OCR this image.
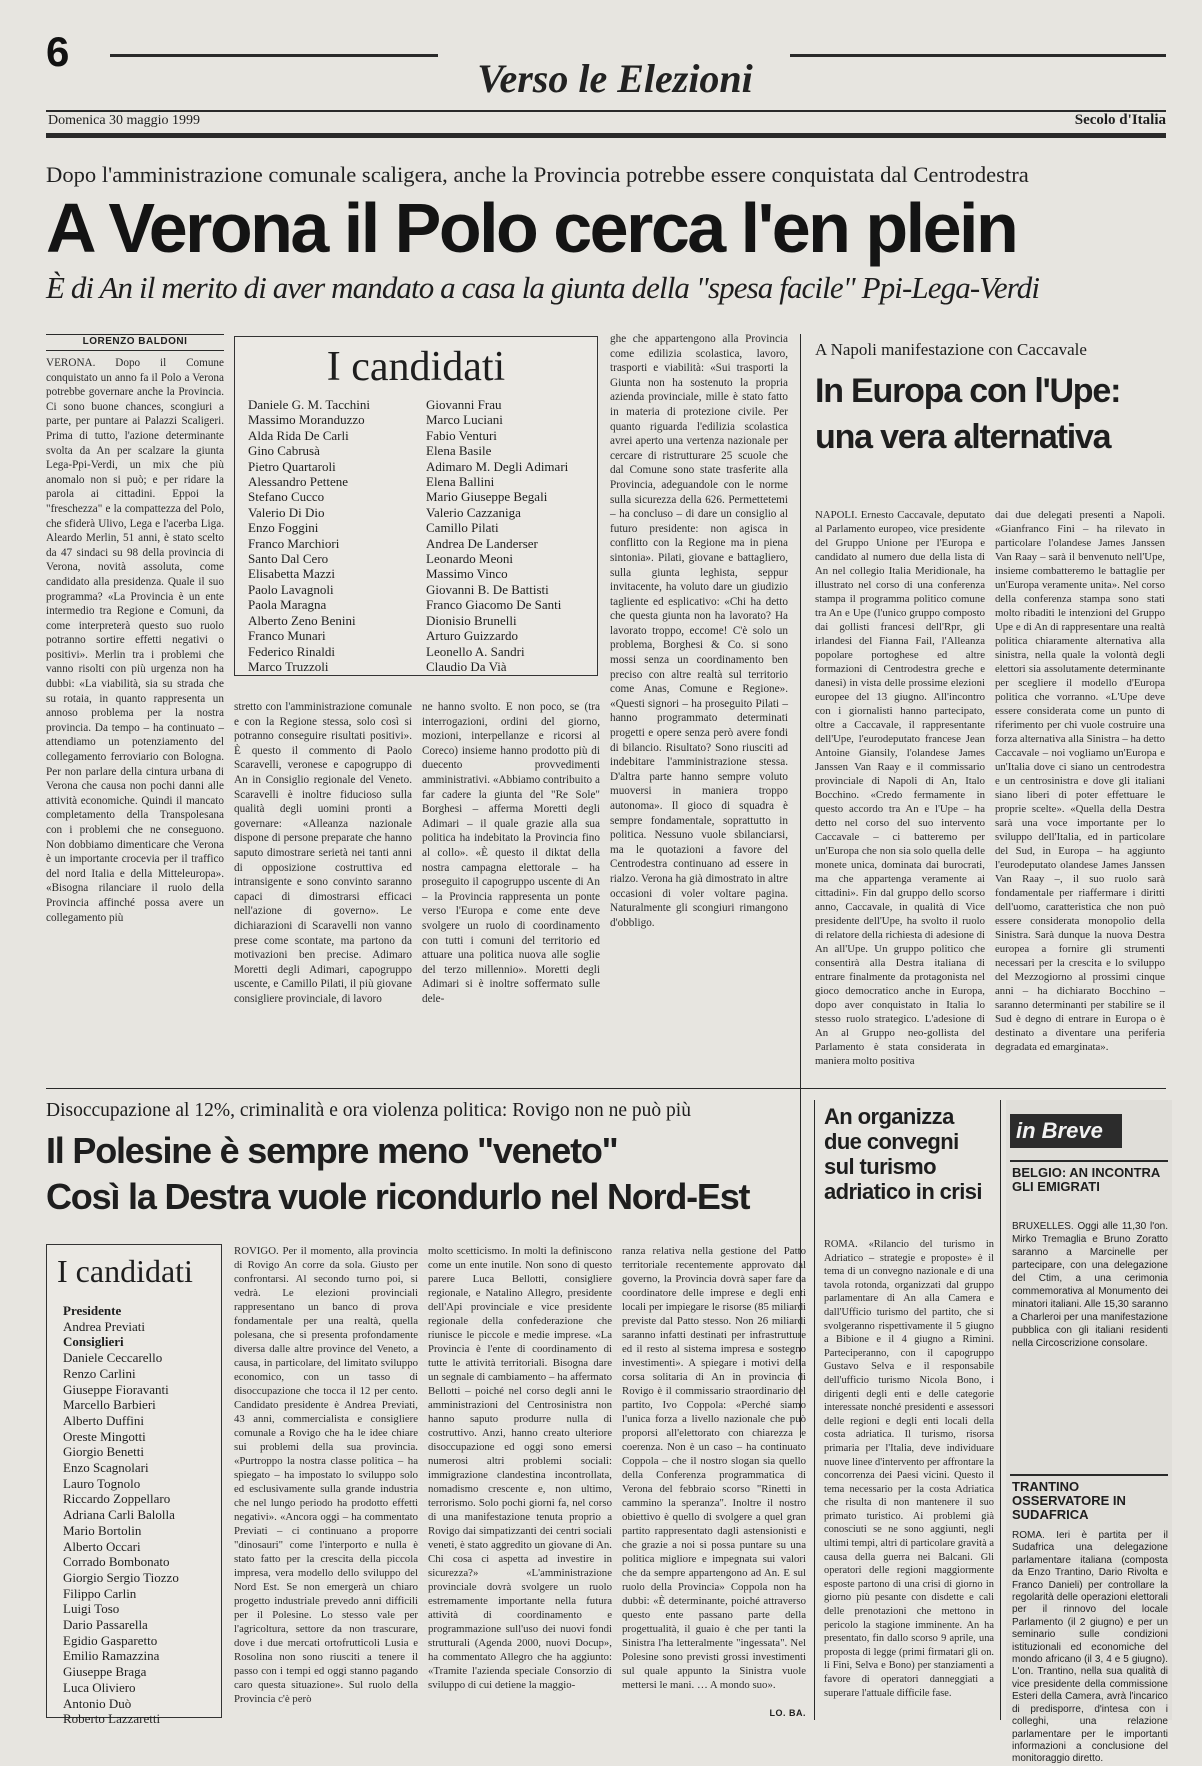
6
Verso le Elezioni
Domenica 30 maggio 1999	Secolo d'Italia
Dopo l'amministrazione comunale scaligera, anche la Provincia potrebbe essere conquistata dal Centrodestra
A Verona il Polo cerca l'en plein
È di An il merito di aver mandato a casa la giunta della "spesa facile" Ppi-Lega-Verdi
LORENZO BALDONI
VERONA. Dopo il Comune conquistato un anno fa il Polo a Verona potrebbe governare anche la Provincia. Ci sono buone chances, scongiuri a parte, per puntare ai Palazzi Scaligeri. Prima di tutto, l'azione determinante svolta da An per scalzare la giunta Lega-Ppi-Verdi, un mix che più anomalo non si può; e per ridare la parola ai cittadini. Eppoi la "freschezza" e la compattezza del Polo, che sfiderà Ulivo, Lega e l'acerba Liga. Aleardo Merlin, 51 anni, è stato scelto da 47 sindaci su 98 della provincia di Verona, novità assoluta, come candidato alla presidenza. Quale il suo programma? «La Provincia è un ente intermedio tra Regione e Comuni, da come interpreterà questo suo ruolo potranno sortire effetti negativi o positivi». Merlin tra i problemi che vanno risolti con più urgenza non ha dubbi: «La viabilità, sia su strada che su rotaia, in quanto rappresenta un annoso problema per la nostra provincia. Da tempo – ha continuato – attendiamo un potenziamento del collegamento ferroviario con Bologna. Per non parlare della cintura urbana di Verona che causa non pochi danni alle attività economiche. Quindi il mancato completamento della Transpolesana con i problemi che ne conseguono. Non dobbiamo dimenticare che Verona è un importante crocevia per il traffico del nord Italia e della Mitteleuropa». «Bisogna rilanciare il ruolo della Provincia affinché possa avere un collegamento più
I candidati
Daniele G. M. Tacchini
Massimo Moranduzzo
Alda Rida De Carli
Gino Cabrusà
Pietro Quartaroli
Alessandro Pettene
Stefano Cucco
Valerio Di Dio
Enzo Foggini
Franco Marchiori
Santo Dal Cero
Elisabetta Mazzi
Paolo Lavagnoli
Paola Maragna
Alberto Zeno Benini
Franco Munari
Federico Rinaldi
Marco Truzzoli
Giovanni Frau
Marco Luciani
Fabio Venturi
Elena Basile
Adimaro M. Degli Adimari
Elena Ballini
Mario Giuseppe Begali
Valerio Cazzaniga
Camillo Pilati
Andrea De Landerser
Leonardo Meoni
Massimo Vinco
Giovanni B. De Battisti
Franco Giacomo De Santi
Dionisio Brunelli
Arturo Guizzardo
Leonello A. Sandri
Claudio Da Vià
stretto con l'amministrazione comunale e con la Regione stessa, solo così si potranno conseguire risultati positivi». È questo il commento di Paolo Scaravelli, veronese e capogruppo di An in Consiglio regionale del Veneto. Scaravelli è inoltre fiducioso sulla qualità degli uomini pronti a governare: «Alleanza nazionale dispone di persone preparate che hanno saputo dimostrare serietà nei tanti anni di opposizione costruttiva ed intransigente e sono convinto saranno capaci di dimostrarsi efficaci nell'azione di governo». Le dichiarazioni di Scaravelli non vanno prese come scontate, ma partono da motivazioni ben precise. Adimaro Moretti degli Adimari, capogruppo uscente, e Camillo Pilati, il più giovane consigliere provinciale, di lavoro
ne hanno svolto. E non poco, se (tra interrogazioni, ordini del giorno, mozioni, interpellanze e ricorsi al Coreco) insieme hanno prodotto più di duecento provvedimenti amministrativi. «Abbiamo contribuito a far cadere la giunta del "Re Sole" Borghesi – afferma Moretti degli Adimari – il quale grazie alla sua politica ha indebitato la Provincia fino al collo». «È questo il diktat della nostra campagna elettorale – ha proseguito il capogruppo uscente di An – la Provincia rappresenta un ponte verso l'Europa e come ente deve svolgere un ruolo di coordinamento con tutti i comuni del territorio ed attuare una politica nuova alle soglie del terzo millennio». Moretti degli Adimari si è inoltre soffermato sulle dele-
ghe che appartengono alla Provincia come edilizia scolastica, lavoro, trasporti e viabilità: «Sui trasporti la Giunta non ha sostenuto la propria azienda provinciale, mille è stato fatto in materia di protezione civile. Per quanto riguarda l'edilizia scolastica avrei aperto una vertenza nazionale per cercare di ristrutturare 25 scuole che dal Comune sono state trasferite alla Provincia, adeguandole con le norme sulla sicurezza della 626. Permettetemi – ha concluso – di dare un consiglio al futuro presidente: non agisca in conflitto con la Regione ma in piena sintonia». Pilati, giovane e battagliero, sulla giunta leghista, seppur invitacente, ha voluto dare un giudizio tagliente ed esplicativo: «Chi ha detto che questa giunta non ha lavorato? Ha lavorato troppo, eccome! C'è solo un problema, Borghesi & Co. si sono mossi senza un coordinamento ben preciso con altre realtà sul territorio come Anas, Comune e Regione». «Questi signori – ha proseguito Pilati – hanno programmato determinati progetti e opere senza però avere fondi di bilancio. Risultato? Sono riusciti ad indebitare l'amministrazione stessa. D'altra parte hanno sempre voluto muoversi in maniera troppo autonoma». Il gioco di squadra è sempre fondamentale, soprattutto in politica. Nessuno vuole sbilanciarsi, ma le quotazioni a favore del Centrodestra continuano ad essere in rialzo. Verona ha già dimostrato in altre occasioni di voler voltare pagina. Naturalmente gli scongiuri rimangono d'obbligo.
A Napoli manifestazione con Caccavale
In Europa con l'Upe:
una vera alternativa
NAPOLI. Ernesto Caccavale, deputato al Parlamento europeo, vice presidente del Gruppo Unione per l'Europa e candidato al numero due della lista di An nel collegio Italia Meridionale, ha illustrato nel corso di una conferenza stampa il programma politico comune tra An e Upe (l'unico gruppo composto dai gollisti francesi dell'Rpr, gli irlandesi del Fianna Fail, l'Alleanza popolare portoghese ed altre formazioni di Centrodestra greche e danesi) in vista delle prossime elezioni europee del 13 giugno. All'incontro con i giornalisti hanno partecipato, oltre a Caccavale, il rappresentante dell'Upe, l'eurodeputato francese Jean Antoine Giansily, l'olandese James Janssen Van Raay e il commissario provinciale di Napoli di An, Italo Bocchino. «Credo fermamente in questo accordo tra An e l'Upe – ha detto nel corso del suo intervento Caccavale – ci batteremo per un'Europa che non sia solo quella delle monete unica, dominata dai burocrati, ma che appartenga veramente ai cittadini». Fin dal gruppo dello scorso anno, Caccavale, in qualità di Vice presidente dell'Upe, ha svolto il ruolo di relatore della richiesta di adesione di An all'Upe. Un gruppo politico che consentirà alla Destra italiana di entrare finalmente da protagonista nel gioco democratico anche in Europa, dopo aver conquistato in Italia lo stesso ruolo strategico. L'adesione di An al Gruppo neo-gollista del Parlamento è stata considerata in maniera molto positiva
dai due delegati presenti a Napoli. «Gianfranco Fini – ha rilevato in particolare l'olandese James Janssen Van Raay – sarà il benvenuto nell'Upe, insieme combatteremo le battaglie per un'Europa veramente unita». Nel corso della conferenza stampa sono stati molto ribaditi le intenzioni del Gruppo Upe e di An di rappresentare una realtà politica chiaramente alternativa alla sinistra, nella quale la volontà degli elettori sia assolutamente determinante per scegliere il modello d'Europa politica che vorranno. «L'Upe deve essere considerata come un punto di riferimento per chi vuole costruire una forza alternativa alla Sinistra – ha detto Caccavale – noi vogliamo un'Europa e un'Italia dove ci siano un centrodestra e un centrosinistra e dove gli italiani siano liberi di poter effettuare le proprie scelte». «Quella della Destra sarà una voce importante per lo sviluppo dell'Italia, ed in particolare del Sud, in Europa – ha aggiunto l'eurodeputato olandese James Janssen Van Raay –, il suo ruolo sarà fondamentale per riaffermare i diritti dell'uomo, caratteristica che non può essere considerata monopolio della Sinistra. Sarà dunque la nuova Destra europea a fornire gli strumenti necessari per la crescita e lo sviluppo del Mezzogiorno al prossimi cinque anni – ha dichiarato Bocchino – saranno determinanti per stabilire se il Sud è degno di entrare in Europa o è destinato a diventare una periferia degradata ed emarginata».
Disoccupazione al 12%, criminalità e ora violenza politica: Rovigo non ne può più
Il Polesine è sempre meno "veneto"
Così la Destra vuole ricondurlo nel Nord-Est
I candidati
Presidente
Andrea Previati
Consiglieri
Daniele Ceccarello
Renzo Carlini
Giuseppe Fioravanti
Marcello Barbieri
Alberto Duffini
Oreste Mingotti
Giorgio Benetti
Enzo Scagnolari
Lauro Tognolo
Riccardo Zoppellaro
Adriana Carli Balolla
Mario Bortolin
Alberto Occari
Corrado Bombonato
Giorgio Sergio Tiozzo
Filippo Carlin
Luigi Toso
Dario Passarella
Egidio Gasparetto
Emilio Ramazzina
Giuseppe Braga
Luca Oliviero
Antonio Duò
Roberto Lazzaretti
ROVIGO. Per il momento, alla provincia di Rovigo An corre da sola. Giusto per confrontarsi. Al secondo turno poi, si vedrà. Le elezioni provinciali rappresentano un banco di prova fondamentale per una realtà, quella polesana, che si presenta profondamente diversa dalle altre province del Veneto, a causa, in particolare, del limitato sviluppo economico, con un tasso di disoccupazione che tocca il 12 per cento. Candidato presidente è Andrea Previati, 43 anni, commercialista e consigliere comunale a Rovigo che ha le idee chiare sui problemi della sua provincia. «Purtroppo la nostra classe politica – ha spiegato – ha impostato lo sviluppo solo ed esclusivamente sulla grande industria che nel lungo periodo ha prodotto effetti negativi». «Ancora oggi – ha commentato Previati – ci continuano a proporre "dinosauri" come l'interporto e nulla è stato fatto per la crescita della piccola impresa, vera modello dello sviluppo del Nord Est. Se non emergerà un chiaro progetto industriale prevedo anni difficili per il Polesine. Lo stesso vale per l'agricoltura, settore da non trascurare, dove i due mercati ortofrutticoli Lusia e Rosolina non sono riusciti a tenere il passo con i tempi ed oggi stanno pagando caro questa situazione». Sul ruolo della Provincia c'è però
molto scetticismo. In molti la definiscono come un ente inutile. Non sono di questo parere Luca Bellotti, consigliere regionale, e Natalino Allegro, presidente dell'Api provinciale e vice presidente regionale della confederazione che riunisce le piccole e medie imprese. «La Provincia è l'ente di coordinamento di tutte le attività territoriali. Bisogna dare un segnale di cambiamento – ha affermato Bellotti – poiché nel corso degli anni le amministrazioni del Centrosinistra non hanno saputo produrre nulla di costruttivo. Anzi, hanno creato ulteriore disoccupazione ed oggi sono emersi numerosi altri problemi sociali: immigrazione clandestina incontrollata, nomadismo crescente e, non ultimo, terrorismo. Solo pochi giorni fa, nel corso di una manifestazione tenuta proprio a Rovigo dai simpatizzanti dei centri sociali veneti, è stato aggredito un giovane di An. Chi cosa ci aspetta ad investire in sicurezza?» «L'amministrazione provinciale dovrà svolgere un ruolo estremamente importante nella futura attività di coordinamento e programmazione sull'uso dei nuovi fondi strutturali (Agenda 2000, nuovi Docup», ha commentato Allegro che ha aggiunto: «Tramite l'azienda speciale Consorzio di sviluppo di cui detiene la maggio-
ranza relativa nella gestione del Patto territoriale recentemente approvato dal governo, la Provincia dovrà saper fare da coordinatore delle imprese e degli enti locali per impiegare le risorse (85 miliardi previste dal Patto stesso. Non 26 miliardi saranno infatti destinati per infrastrutture ed il resto al sistema impresa e sostegno investimenti». A spiegare i motivi della corsa solitaria di An in provincia di Rovigo è il commissario straordinario del partito, Ivo Coppola: «Perché siamo l'unica forza a livello nazionale che può proporsi all'elettorato con chiarezza e coerenza. Non è un caso – ha continuato Coppola – che il nostro slogan sia quello della Conferenza programmatica di Verona del febbraio scorso "Rinetti in cammino la speranza". Inoltre il nostro obiettivo è quello di svolgere a quel gran partito rappresentato dagli astensionisti e che grazie a noi si possa puntare su una politica migliore e impegnata sui valori che da sempre appartengono ad An. E sul ruolo della Provincia» Coppola non ha dubbi: «È determinante, poiché attraverso questo ente passano parte della progettualità, il guaio è che per tanti la Sinistra l'ha letteralmente "ingessata". Nel Polesine sono previsti grossi investimenti sul quale appunto la Sinistra vuole mettersi le mani. … A mondo suo».
LO. BA.
An organizza due convegni sul turismo adriatico in crisi
ROMA. «Rilancio del turismo in Adriatico – strategie e proposte» è il tema di un convegno nazionale e di una tavola rotonda, organizzati dal gruppo parlamentare di An alla Camera e dall'Ufficio turismo del partito, che si svolgeranno rispettivamente il 5 giugno a Bibione e il 4 giugno a Rimini. Parteciperanno, con il capogruppo Gustavo Selva e il responsabile dell'ufficio turismo Nicola Bono, i dirigenti degli enti e delle categorie interessate nonché presidenti e assessori delle regioni e degli enti locali della costa adriatica. Il turismo, risorsa primaria per l'Italia, deve individuare nuove linee d'intervento per affrontare la concorrenza dei Paesi vicini. Questo il tema necessario per la costa Adriatica che risulta di non mantenere il suo primato turistico. Ai problemi già conosciuti se ne sono aggiunti, negli ultimi tempi, altri di particolare gravità a causa della guerra nei Balcani. Gli operatori delle regioni maggiormente esposte partono di una crisi di giorno in giorno più pesante con disdette e cali delle prenotazioni che mettono in pericolo la stagione imminente. An ha presentato, fin dallo scorso 9 aprile, una proposta di legge (primi firmatari gli on. li Fini, Selva e Bono) per stanziamenti a favore di operatori danneggiati a superare l'attuale difficile fase.
in Breve
BELGIO: AN INCONTRA GLI EMIGRATI
BRUXELLES. Oggi alle 11,30 l'on. Mirko Tremaglia e Bruno Zoratto saranno a Marcinelle per partecipare, con una delegazione del Ctim, a una cerimonia commemorativa al Monumento dei minatori italiani. Alle 15,30 saranno a Charleroi per una manifestazione pubblica con gli italiani residenti nella Circoscrizione consolare.
TRANTINO OSSERVATORE IN SUDAFRICA
ROMA. Ieri è partita per il Sudafrica una delegazione parlamentare italiana (composta da Enzo Trantino, Dario Rivolta e Franco Danieli) per controllare la regolarità delle operazioni elettorali per il rinnovo del locale Parlamento (il 2 giugno) e per un seminario sulle condizioni istituzionali ed economiche del mondo africano (il 3, 4 e 5 giugno). L'on. Trantino, nella sua qualità di vice presidente della commissione Esteri della Camera, avrà l'incarico di predisporre, d'intesa con i colleghi, una relazione parlamentare per le importanti informazioni a conclusione del monitoraggio diretto.
